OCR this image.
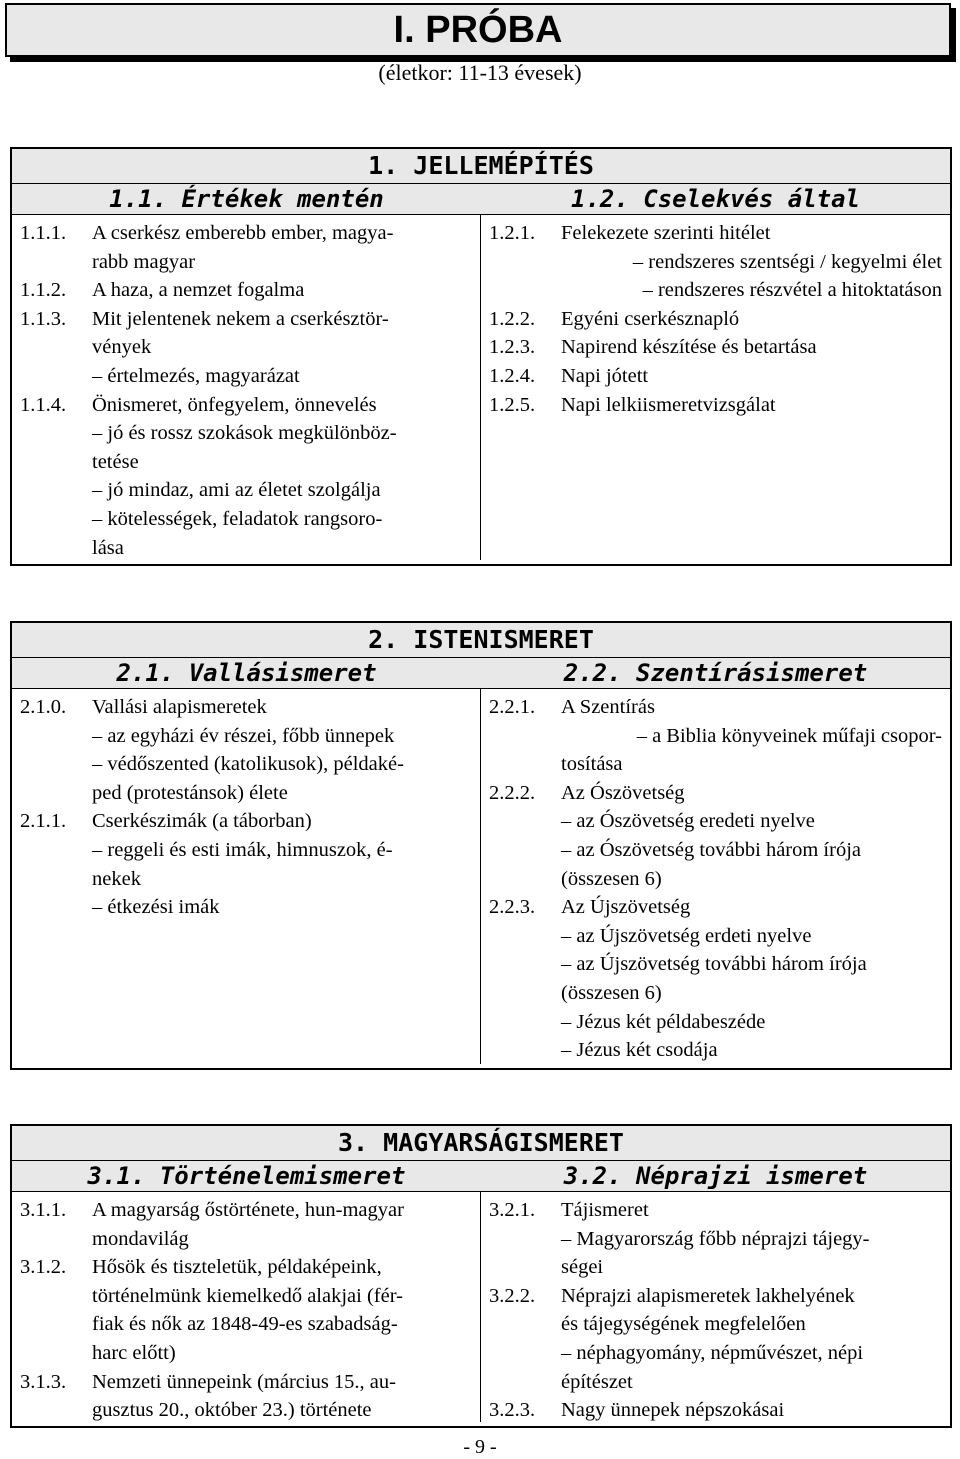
I. PRÓBA
(életkor: 11-13 évesek)
1. JELLEMÉPÍTÉS
1.1. Értékek mentén	1.2. Cselekvés által
1.1.1.	A cserkész emberebb ember, magya-
rabb magyar
1.1.2.	A haza, a nemzet fogalma
1.1.3.	Mit jelentenek nekem a cserkésztör-
vények
– értelmezés, magyarázat
1.1.4.	Önismeret, önfegyelem, önnevelés
– jó és rossz szokások megkülönböz-
tetése
– jó mindaz, ami az életet szolgálja
– kötelességek, feladatok rangsoro-
lása
1.2.1.	Felekezete szerinti hitélet
– rendszeres szentségi / kegyelmi élet
– rendszeres részvétel a hitoktatáson
1.2.2.	Egyéni cserkésznapló
1.2.3.	Napirend készítése és betartása
1.2.4.	Napi jótett
1.2.5.	Napi lelkiismeretvizsgálat
2. ISTENISMERET
2.1. Vallásismeret	2.2. Szentírásismeret
2.1.0.	Vallási alapismeretek
– az egyházi év részei, főbb ünnepek
– védőszented (katolikusok), példaké-
ped (protestánsok) élete
2.1.1.	Cserkészimák (a táborban)
– reggeli és esti imák, himnuszok, é-
nekek
– étkezési imák
2.2.1.	A Szentírás
– a Biblia könyveinek műfaji csopor-
tosítása
2.2.2.	Az Ószövetség
– az Ószövetség eredeti nyelve
– az Ószövetség további három írója
(összesen 6)
2.2.3.	Az Újszövetség
– az Újszövetség erdeti nyelve
– az Újszövetség további három írója
(összesen 6)
– Jézus két példabeszéde
– Jézus két csodája
3. MAGYARSÁGISMERET
3.1. Történelemismeret	3.2. Néprajzi ismeret
3.1.1.	A magyarság őstörténete, hun-magyar
mondavilág
3.1.2.	Hősök és tiszteletük, példaképeink,
történelmünk kiemelkedő alakjai (fér-
fiak és nők az 1848-49-es szabadság-
harc előtt)
3.1.3.	Nemzeti ünnepeink (március 15., au-
gusztus 20., október 23.) története
3.2.1.	Tájismeret
– Magyarország főbb néprajzi tájegy-
ségei
3.2.2.	Néprajzi alapismeretek lakhelyének
és tájegységének megfelelően
– néphagyomány, népművészet, népi
építészet
3.2.3.	Nagy ünnepek népszokásai
- 9 -
